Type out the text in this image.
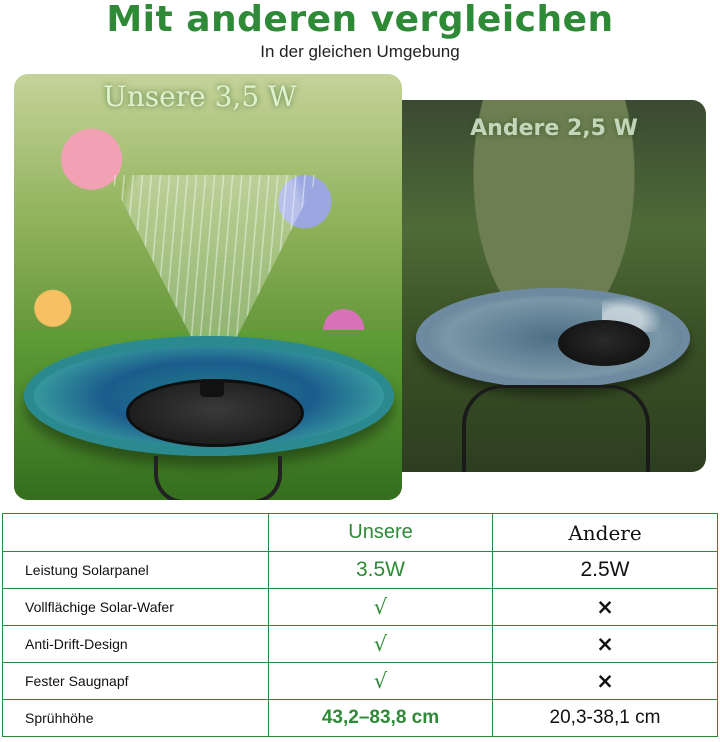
Mit anderen vergleichen
In der gleichen Umgebung
Unsere 3,5 W
Andere 2,5 W
	Unsere	Andere
Leistung Solarpanel	3.5W	2.5W
Vollflächige Solar-Wafer	√	×
Anti-Drift-Design	√	×
Fester Saugnapf	√	×
Sprühhöhe	43,2–83,8 cm	20,3-38,1 cm
